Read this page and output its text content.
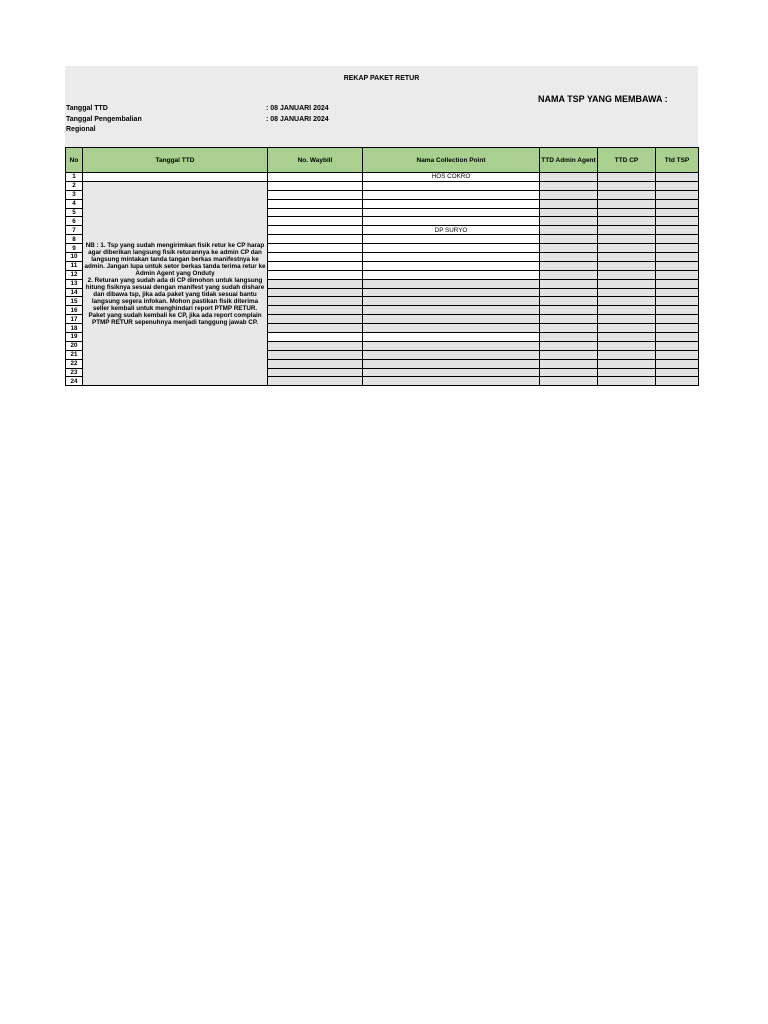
REKAP PAKET RETUR
NAMA TSP YANG MEMBAWA :
Tanggal TTD	: 08 JANUARI 2024
Tanggal Pengembalian	: 08 JANUARI 2024
Regional
No	Tanggal TTD	No. Waybill	Nama Collection Point	TTD Admin Agent	TTD CP	Ttd TSP
1			HOS COKRO			
2	NB : 1. Tsp yang sudah mengirimkan fisik retur ke CP harap agar diberikan langsung fisik returannya ke admin CP dan langsung mintakan tanda tangan berkas manifestnya ke admin. Jangan lupa untuk setor berkas tanda terima retur ke Admin Agent yang Onduty
2. Returan yang sudah ada di CP dimohon untuk langsung hitung fisiknya sesuai dengan manifest yang sudah dishare dan dibawa tsp, jika ada paket yang tidak sesuai bantu langsung segera infokan. Mohon pastikan fisik diterima seller kembali untuk menghindari report PTMP RETUR. Paket yang sudah kembali ke CP, jika ada report complain PTMP RETUR sepenuhnya menjadi tanggung jawab CP.					

3						
4						
5						
6						
7			DP SURYO			
8						
9						
10						
11						
12						
13						
14						
15						
16						
17						
18						
19						
20						
21						
22						
23						
24						
